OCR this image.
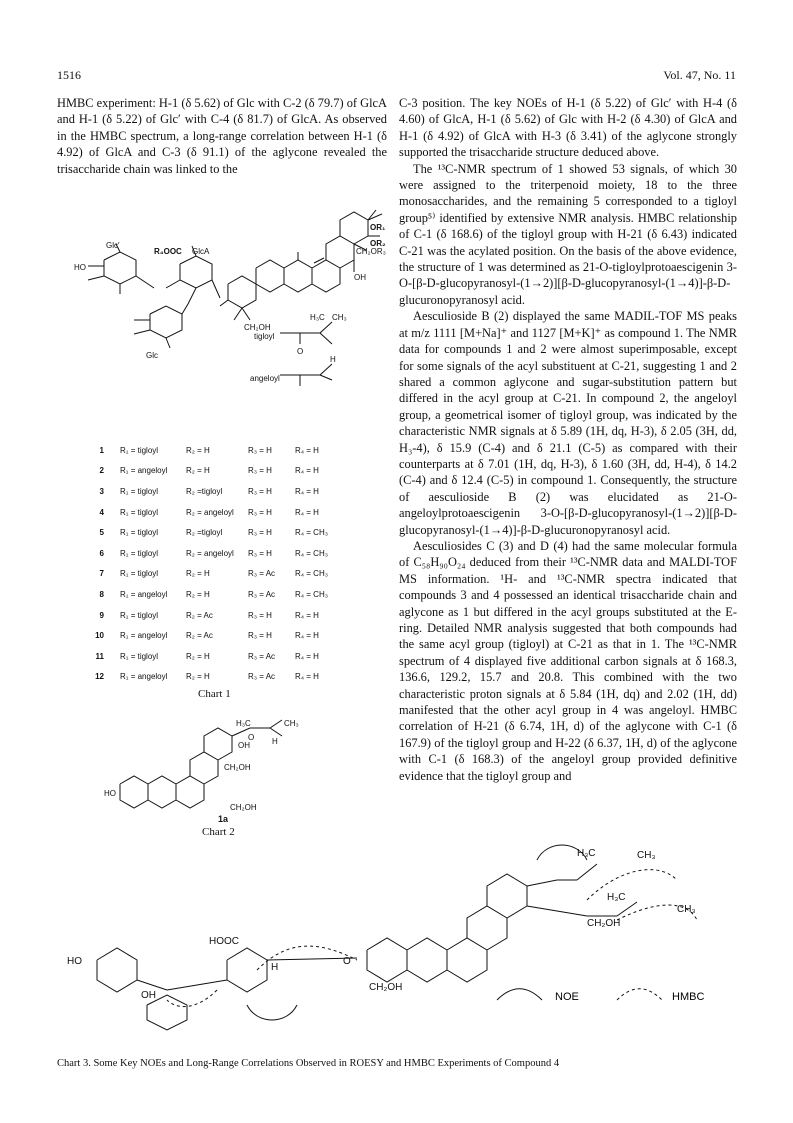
1516	Vol. 47, No. 11

HMBC experiment: H-1 (δ 5.62) of Glc with C-2 (δ 79.7) of GlcA and H-1 (δ 5.22) of Glc′ with C-4 (δ 81.7) of GlcA. As observed in the HMBC spectrum, a long-range correlation between H-1 (δ 4.92) of GlcA and C-3 (δ 91.1) of the aglycone revealed the trisaccharide chain was linked to the

C-3 position. The key NOEs of H-1 (δ 5.22) of Glc′ with H-4 (δ 4.60) of GlcA, H-1 (δ 5.62) of Glc with H-2 (δ 4.30) of GlcA and H-1 (δ 4.92) of GlcA with H-3 (δ 3.41) of the aglycone strongly supported the trisaccharide structure deduced above.

The ¹³C-NMR spectrum of 1 showed 53 signals, of which 30 were assigned to the triterpenoid moiety, 18 to the three monosaccharides, and the remaining 5 corresponded to a tigloyl group⁵⁾ identified by extensive NMR analysis. HMBC relationship of C-1 (δ 168.6) of the tigloyl group with H-21 (δ 6.43) indicated C-21 was the acylated position. On the basis of the above evidence, the structure of 1 was determined as 21-O-tigloylprotoaescigenin 3-O-[β-D-glucopyranosyl-(1→2)][β-D-glucopyranosyl-(1→4)]-β-D-glucuronopyranosyl acid.

Aesculioside B (2) displayed the same MADIL-TOF MS peaks at m/z 1111 [M+Na]⁺ and 1127 [M+K]⁺ as compound 1. The NMR data for compounds 1 and 2 were almost superimposable, except for some signals of the acyl substituent at C-21, suggesting 1 and 2 shared a common aglycone and sugar-substitution pattern but differed in the acyl group at C-21. In compound 2, the angeloyl group, a geometrical isomer of tigloyl group, was indicated by the characteristic NMR signals at δ 5.89 (1H, dq, H-3), δ 2.05 (3H, dd, H₃-4), δ 15.9 (C-4) and δ 21.1 (C-5) as compared with their counterparts at δ 7.01 (1H, dq, H-3), δ 1.60 (3H, dd, H-4), δ 14.2 (C-4) and δ 12.4 (C-5) in compound 1. Consequently, the structure of aesculioside B (2) was elucidated as 21-O-angeloylprotoaescigenin 3-O-[β-D-glucopyranosyl-(1→2)][β-D-glucopyranosyl-(1→4)]-β-D-glucuronopyranosyl acid.

Aesculiosides C (3) and D (4) had the same molecular formula of C₅₈H₉₀O₂₄ deduced from their ¹³C-NMR data and MALDI-TOF MS information. ¹H- and ¹³C-NMR spectra indicated that compounds 3 and 4 possessed an identical trisaccharide chain and aglycone as 1 but differed in the acyl groups substituted at the E-ring. Detailed NMR analysis suggested that both compounds had the same acyl group (tigloyl) at C-21 as that in 1. The ¹³C-NMR spectrum of 4 displayed five additional carbon signals at δ 168.3, 136.6, 129.2, 15.7 and 20.8. This combined with the two characteristic proton signals at δ 5.84 (1H, dq) and 2.02 (1H, dd) manifested that the other acyl group in 4 was angeloyl. HMBC correlation of H-21 (δ 6.74, 1H, d) of the aglycone with C-1 (δ 167.9) of the tigloyl group and H-22 (δ 6.37, 1H, d) of the aglycone with C-1 (δ 168.3) of the angeloyl group provided definitive evidence that the tigloyl group and

Glc′
R₄OOC GlcA
Glc
OR₁
OR₂
CH₂OR₃
OH
CH₂OH
HO
tigloyl
angeloyl
H₃C CH₃
H
O
1	R₁ = tigloyl	R₂ = H	R₃ = H	R₄ = H
2	R₁ = angeloyl	R₂ = H	R₃ = H	R₄ = H
3	R₁ = tigloyl	R₂ =tigloyl	R₃ = H	R₄ = H
4	R₁ = tigloyl	R₂ = angeloyl	R₃ = H	R₄ = H
5	R₁ = tigloyl	R₂ =tigloyl	R₃ = H	R₄ = CH₃
6	R₁ = tigloyl	R₂ = angeloyl	R₃ = H	R₄ = CH₃
7	R₁ = tigloyl	R₂ = H	R₃ = Ac	R₄ = CH₃
8	R₁ = angeloyl	R₂ = H	R₃ = Ac	R₄ = CH₃
9	R₁ = tigloyl	R₂ = Ac	R₃ = H	R₄ = H
10	R₁ = angeloyl	R₂ = Ac	R₃ = H	R₄ = H
11	R₁ = tigloyl	R₂ = H	R₃ = Ac	R₄ = H
12	R₁ = angeloyl	R₂ = H	R₃ = Ac	R₄ = H
Chart 1
OH
CH₂OH
HO
H
CH₃
H₃C
O
CH₂OH
1a
Chart 2
HOOC
HO
OH
H
O
CH₂OH
H₃C	CH₃
H₃C
CH₃
CH₂OH
NOE	HMBC
Chart 3. Some Key NOEs and Long-Range Correlations Observed in ROESY and HMBC Experiments of Compound 4
